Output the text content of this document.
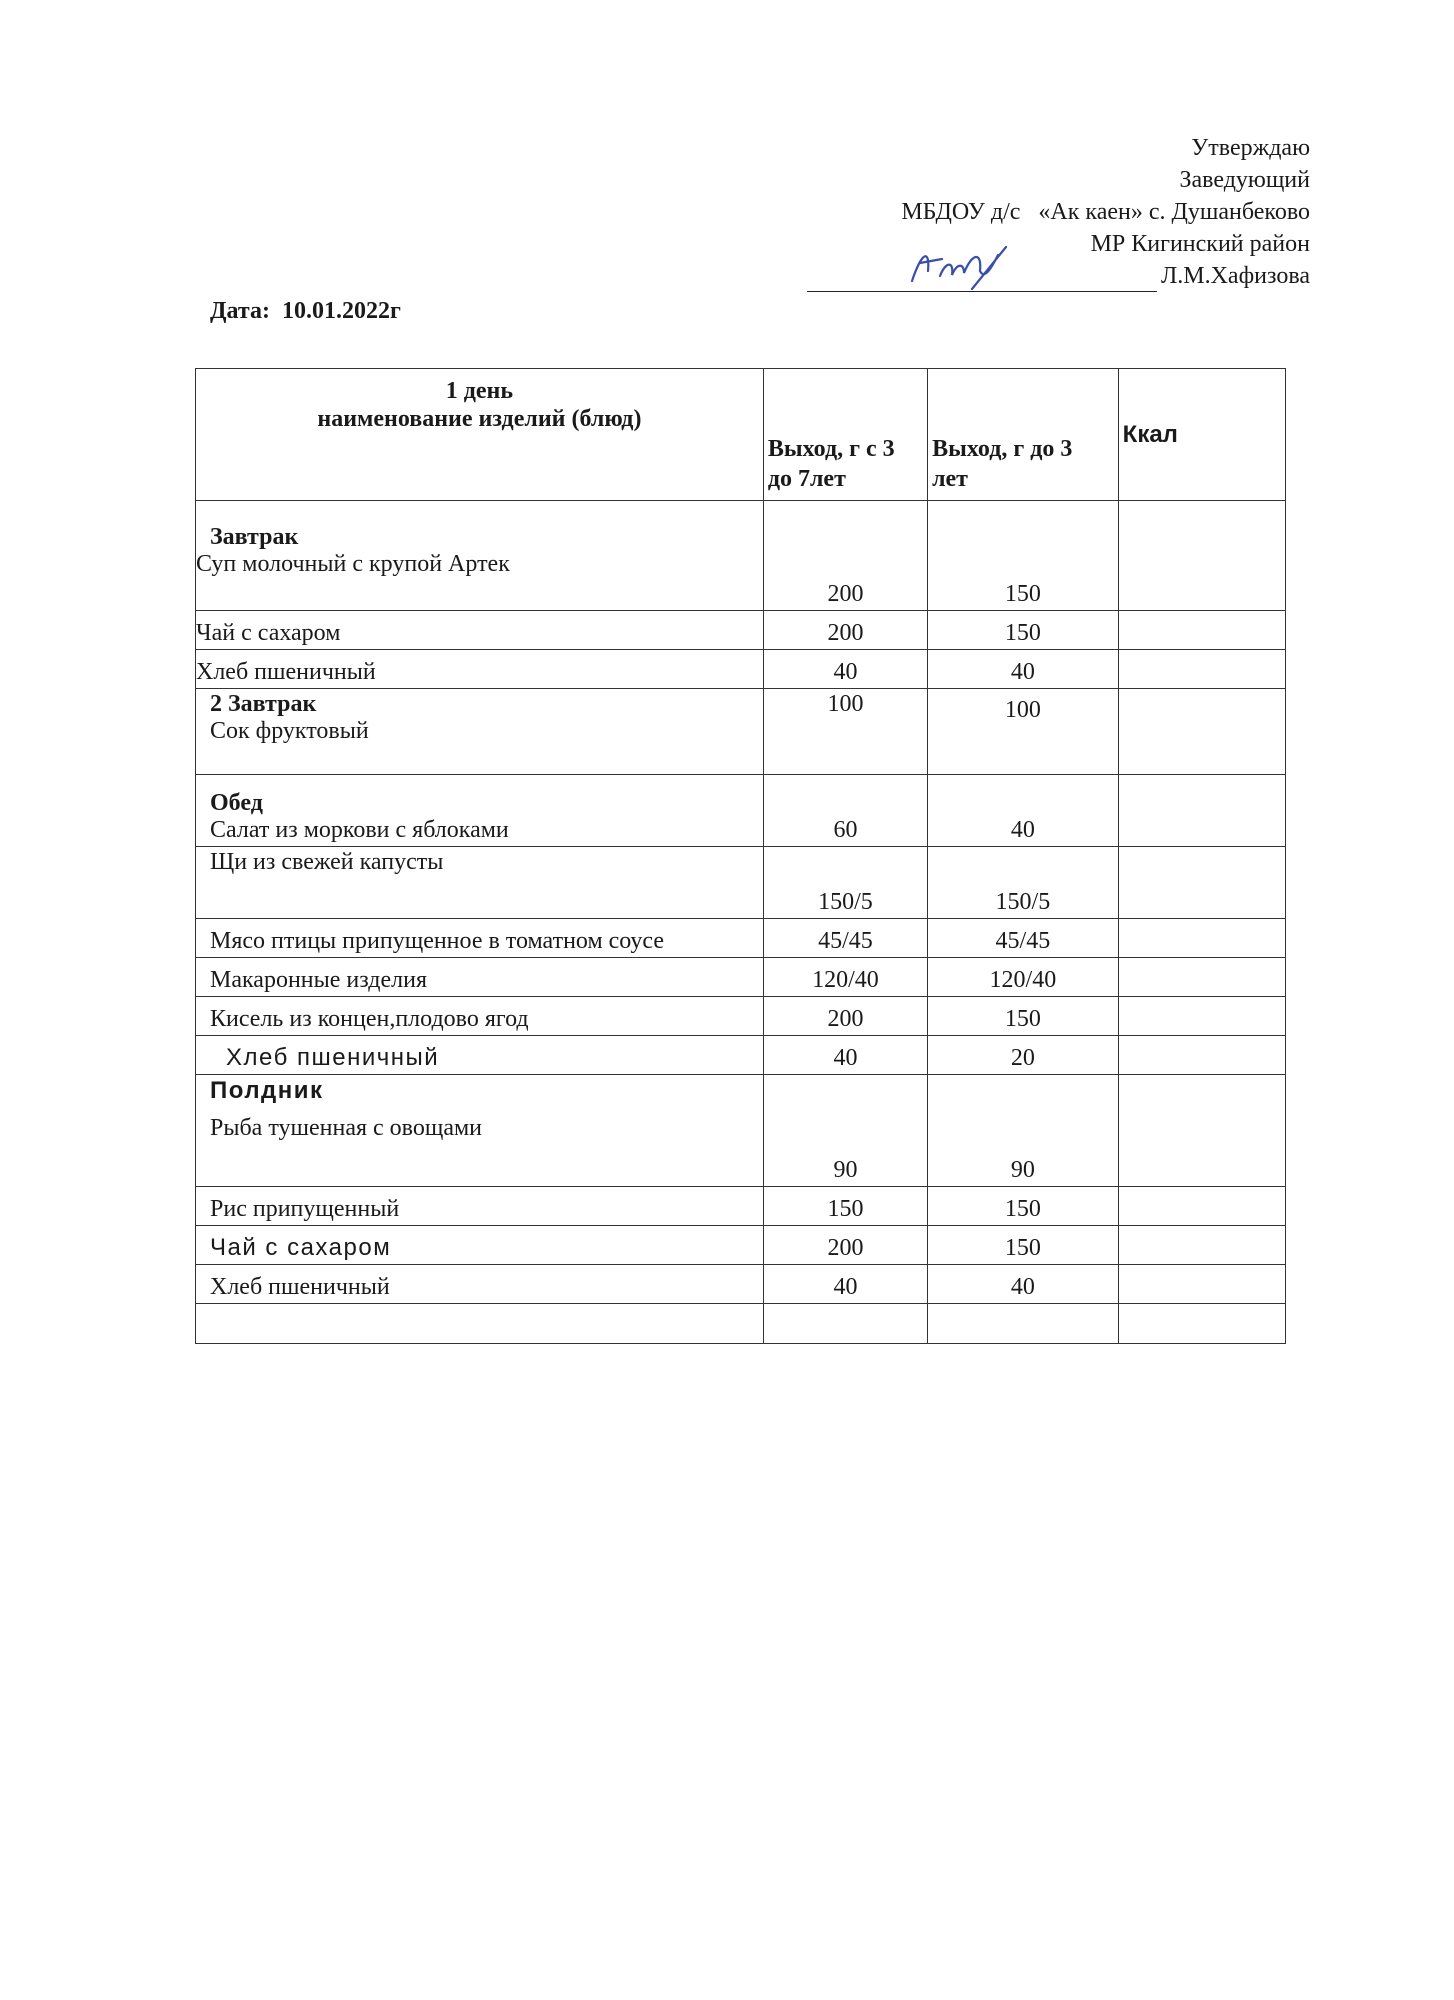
Утверждаю
Заведующий
МБДОУ д/с   «Ак каен» с. Душанбеково
МР Кигинский район
Л.М.Хафизова
Дата: 10.01.2022г
1 день
наименование изделий (блюд)	Выход, г с 3 до 7лет	Выход, г до 3 лет	Ккал

Завтрак
Суп молочный с крупой Артек	200	150	
Чай с сахаром	200	150	
Хлеб пшеничный	40	40	

2 Завтрак
Сок фруктовый	100	100	

Обед
Салат из моркови с яблоками	60	40	

Щи из свежей капусты	150/5	150/5	
Мясо птицы припущенное в томатном соусе	45/45	45/45	
Макаронные изделия	120/40	120/40	
Кисель из концен,плодово ягод	200	150	
Хлеб пшеничный	40	20	

Полдник
Рыба тушенная с овощами	90	90	
Рис припущенный	150	150	
Чай с сахаром	200	150	
Хлеб пшеничный	40	40	
